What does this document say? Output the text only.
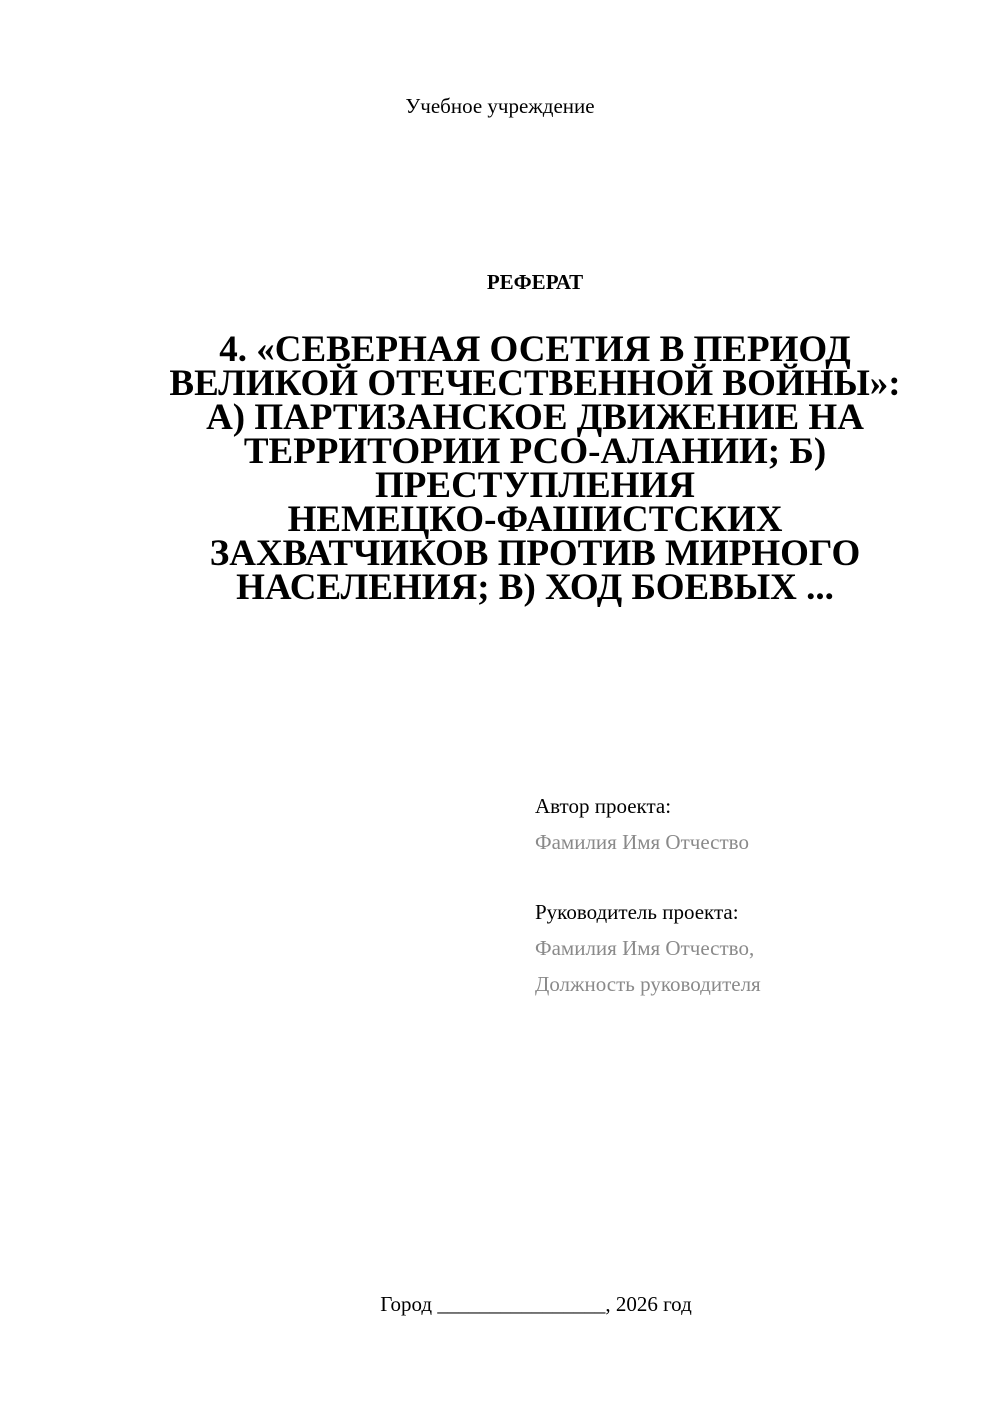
Учебное учреждение
РЕФЕРАТ
4. «СЕВЕРНАЯ ОСЕТИЯ В ПЕРИОД
ВЕЛИКОЙ ОТЕЧЕСТВЕННОЙ ВОЙНЫ»:
А) ПАРТИЗАНСКОЕ ДВИЖЕНИЕ НА
ТЕРРИТОРИИ РСО-АЛАНИИ; Б)
ПРЕСТУПЛЕНИЯ
НЕМЕЦКО-ФАШИСТСКИХ
ЗАХВАТЧИКОВ ПРОТИВ МИРНОГО
НАСЕЛЕНИЯ; В) ХОД БОЕВЫХ ...
Автор проекта:
Фамилия Имя Отчество
Руководитель проекта:
Фамилия Имя Отчество,
Должность руководителя
Город ________________, 2026 год
